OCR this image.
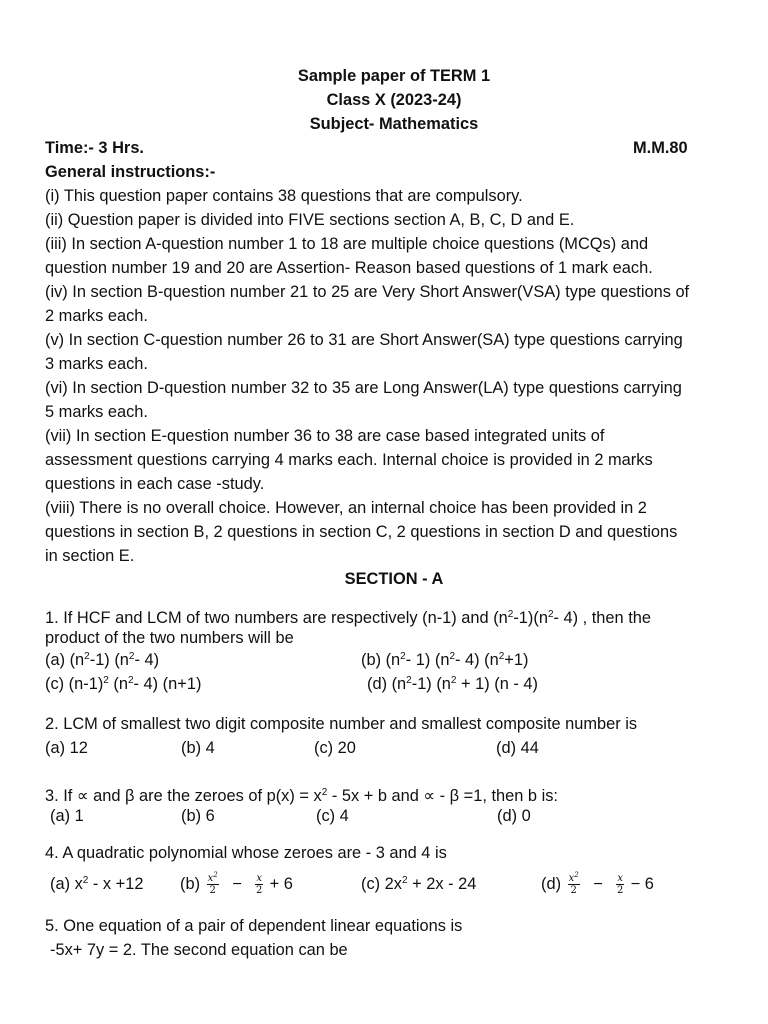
Sample paper of TERM 1
Class X (2023-24)
Subject- Mathematics
Time:- 3 Hrs.	M.M.80
General instructions:-
(i) This question paper contains 38 questions that are compulsory.
(ii) Question paper is divided into FIVE sections section A, B, C, D and E.
(iii) In section A-question number 1 to 18 are multiple choice questions (MCQs) and
question number 19 and 20 are Assertion- Reason based questions of 1 mark each.
(iv) In section B-question number 21 to 25 are Very Short Answer(VSA) type questions of
2 marks each.
(v) In section C-question number 26 to 31 are Short Answer(SA) type questions carrying
3 marks each.
(vi) In section D-question number 32 to 35 are Long Answer(LA) type questions carrying
5 marks each.
(vii) In section E-question number 36 to 38 are case based integrated units of
assessment questions carrying 4 marks each. Internal choice is provided in 2 marks
questions in each case -study.
(viii) There is no overall choice. However, an internal choice has been provided in 2
questions in section B, 2 questions in section C, 2 questions in section D and questions
in section E.
SECTION - A
1. If HCF and LCM of two numbers are respectively (n-1) and $(n^2-1)(n^2-$ 4) , then the
product of the two numbers will be
(a) $(n^2-1)$ ($n^2-$ 4)	(b) ($n^2-$ 1) ($n^2-$ 4) $(n^2+1)$
(c) $(n-1)^2$ ($n^2-$ 4) (n+1)	(d) $(n^2-1) (n^2 + 1)$ (n - 4)
2. LCM of smallest two digit composite number and smallest composite number is
(a) 12	(b) 4	(c) 20	(d) 44
3. If ∝ and β are the zeroes of $p(x) = x^2 - 5x + b$ and ∝ - β =1, then b is:
(a) 1	(b) 6	(c) 4	(d) 0
4. A quadratic polynomial whose zeroes are - 3 and 4 is
(a) $x^2 - x +12$ $(b) \frac{x^2}{2} - \frac{x}{2} + 6$	(c) $2x^2 + 2x - 24$	$(d) \frac{x^2}{2} - \frac{x}{2} - 6$
5. One equation of a pair of dependent linear equations is
-5x+ 7y = 2. The second equation can be
